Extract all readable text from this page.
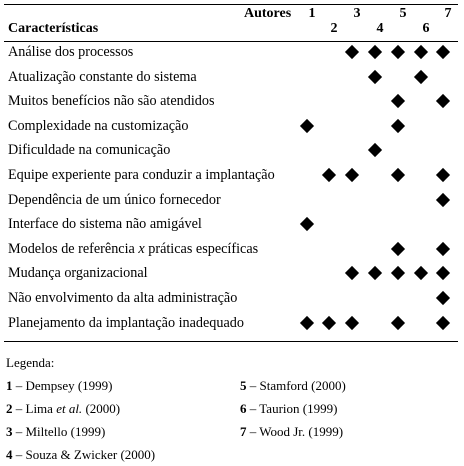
Autores
Características
1
2
3
4
5
6
7
Análise dos processos
Atualização constante do sistema
Muitos benefícios não são atendidos
Complexidade na customização
Dificuldade na comunicação
Equipe experiente para conduzir a implantação
Dependência de um único fornecedor
Interface do sistema não amigável
Modelos de referência x práticas específicas
Mudança organizacional
Não envolvimento da alta administração
Planejamento da implantação inadequado
Legenda:
1 – Dempsey (1999)
2 – Lima et al. (2000)
3 – Miltello (1999)
4 – Souza & Zwicker (2000)
5 – Stamford (2000)
6 – Taurion (1999)
7 – Wood Jr. (1999)
